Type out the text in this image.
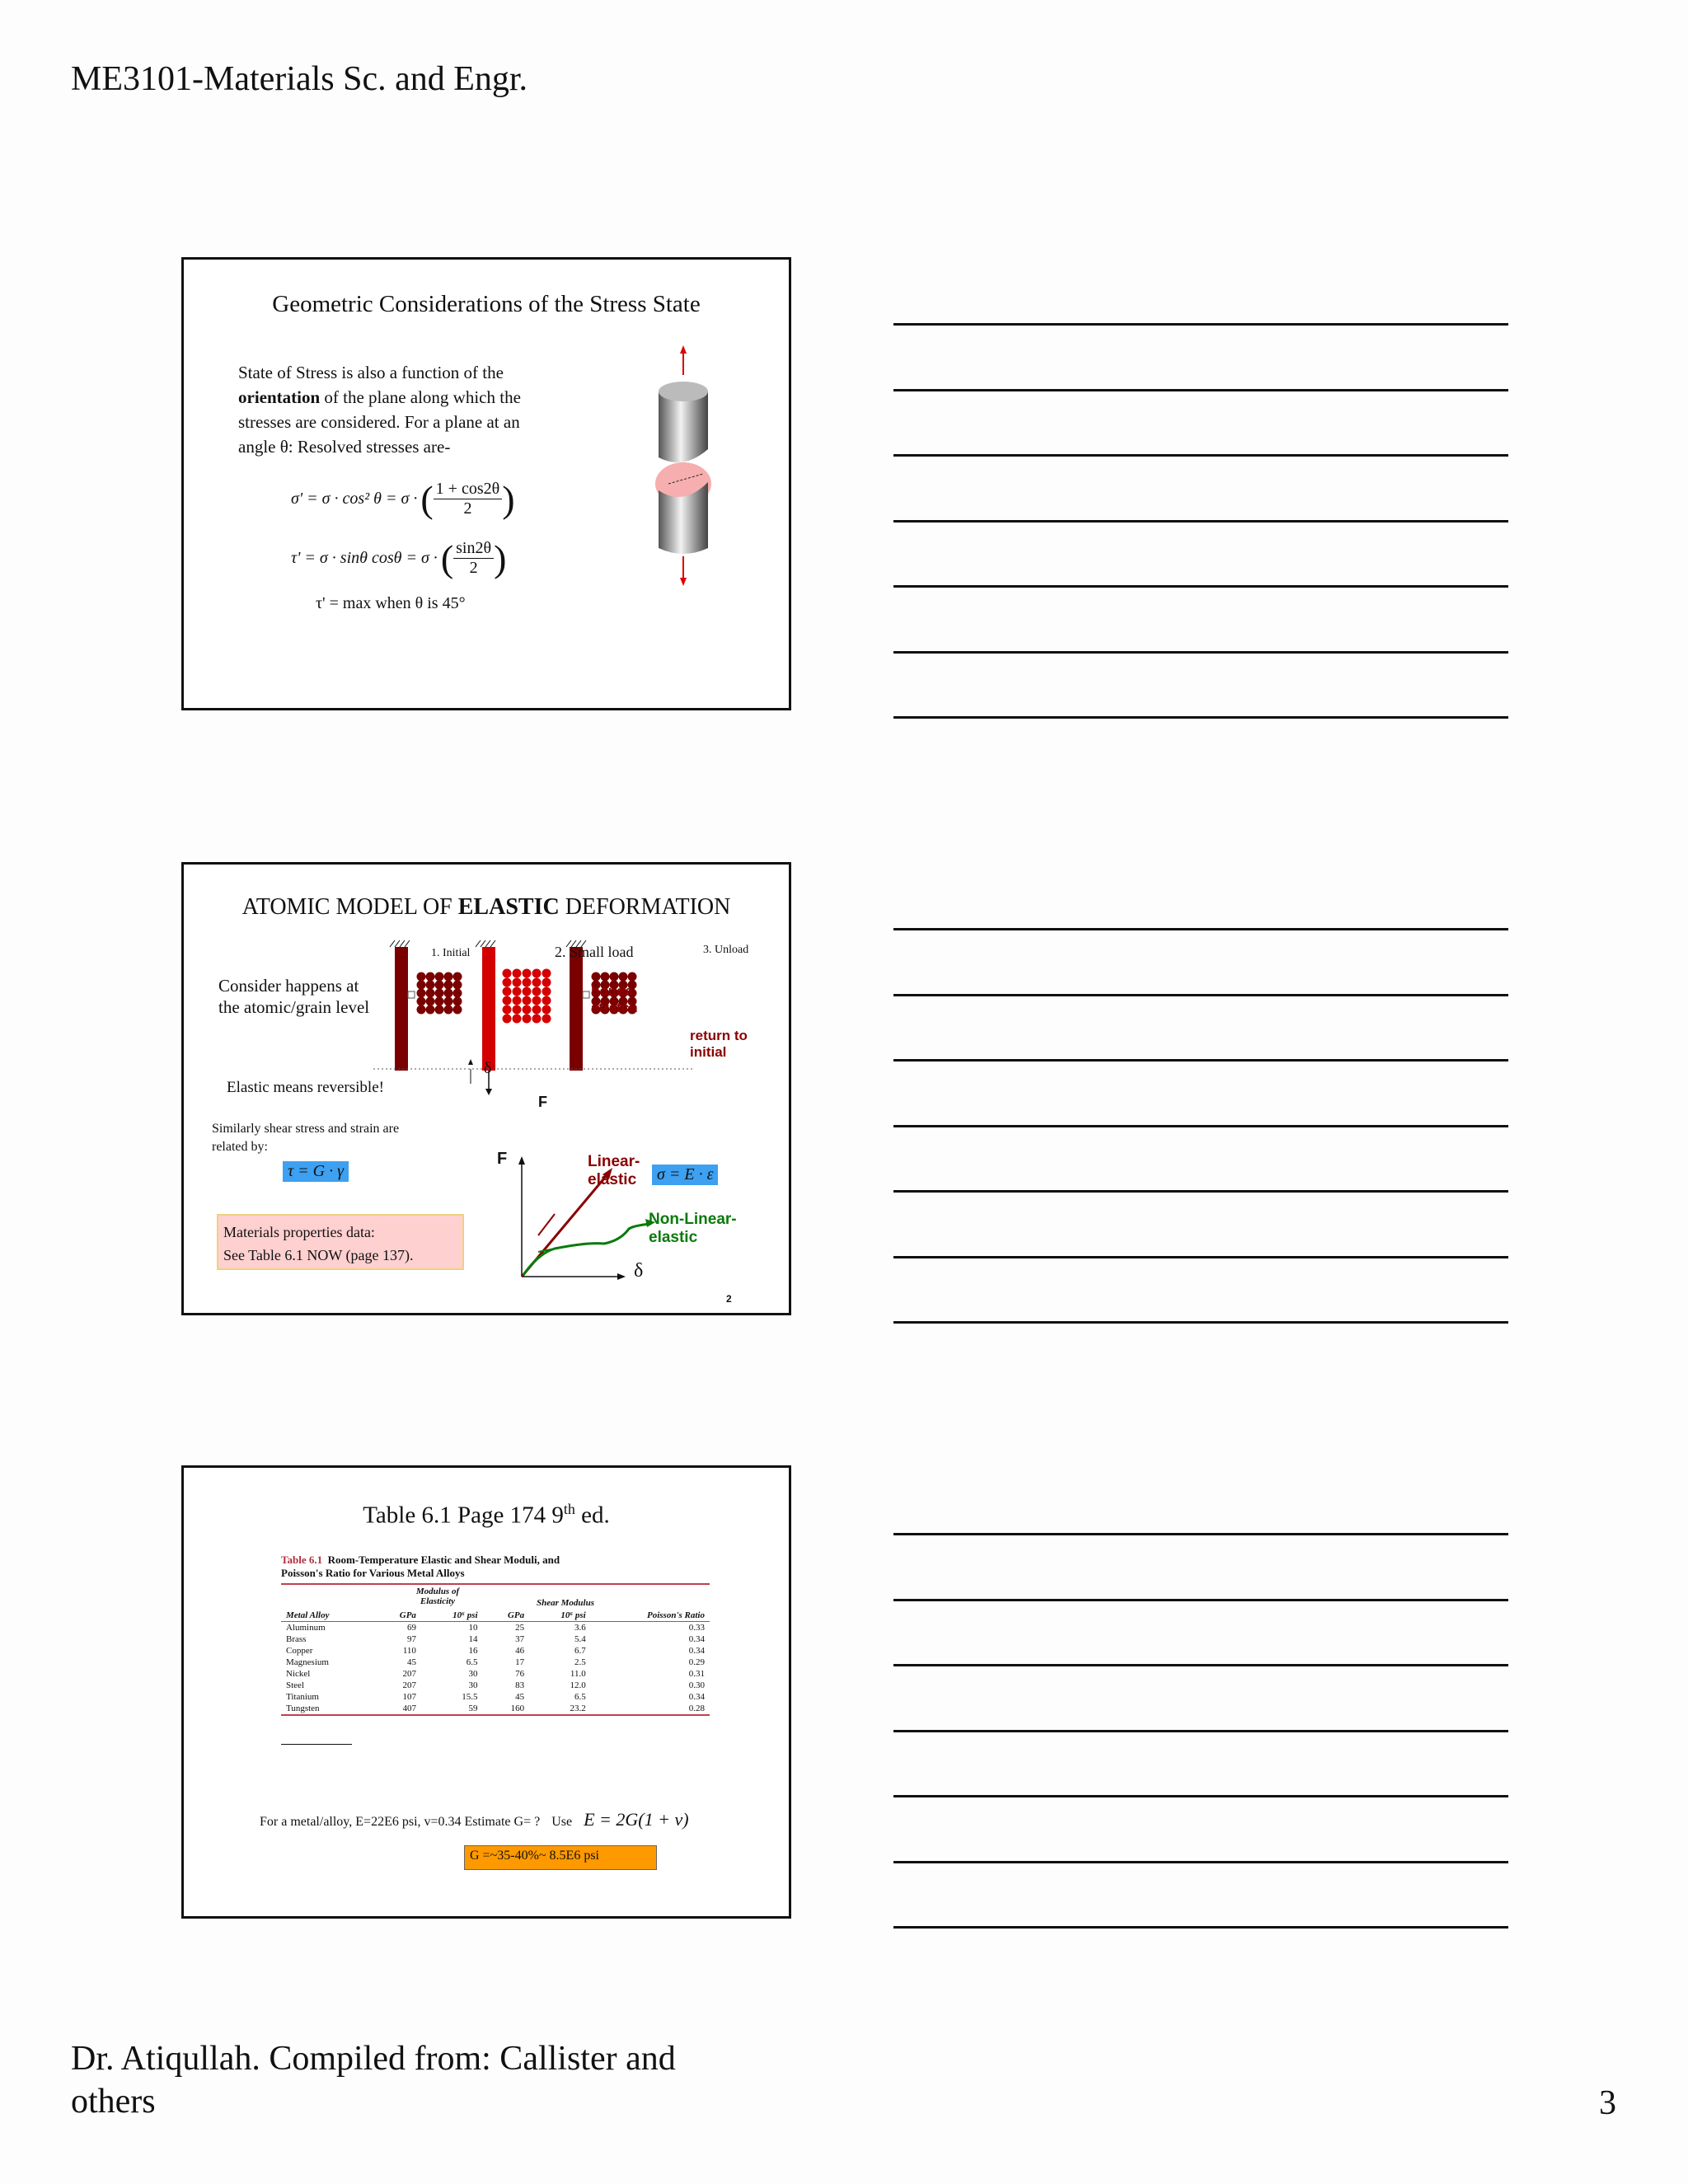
ME3101-Materials Sc. and Engr.
Geometric Considerations of the Stress State
State of Stress is also a function of the
orientation of the plane along which the
stresses are considered. For a plane at an
angle θ: Resolved stresses are-
σ' = σ · cos² θ = σ · ( $\frac{1 + \cos 2\theta}{2}$ )
τ' = σ · sinθ cosθ = σ · ( $\frac{\sin 2\theta}{2}$ )
τ' = max when θ is 45°
ATOMIC MODEL OF ELASTIC DEFORMATION
Consider happens at
the atomic/grain level
1. Initial	2. Small load	3. Unload
bonds
stretch
return to
initial
δ
F
Elastic means reversible!
Similarly shear stress and strain are
related by:
τ = G · γ
Materials properties data:
See Table 6.1 NOW (page 137).
F
δ
Linear-
elastic	σ = E · ε
Non-Linear-
elastic
2
Table 6.1 Page 174 9th ed.
Table 6.1 Room-Temperature Elastic and Shear Moduli, and
Poisson's Ratio for Various Metal Alloys
Modulus of Elasticity	Shear Modulus
Metal Alloy	GPa	10⁶ psi	GPa	10⁶ psi	Poisson's Ratio
Aluminum	69	10	25	3.6	0.33
Brass	97	14	37	5.4	0.34
Copper	110	16	46	6.7	0.34
Magnesium	45	6.5	17	2.5	0.29
Nickel	207	30	76	11.0	0.31
Steel	207	30	83	12.0	0.30
Titanium	107	15.5	45	6.5	0.34
Tungsten	407	59	160	23.2	0.28
For a metal/alloy, E=22E6 psi, v=0.34 Estimate G= ? Use E = 2G(1 + ν)
G =~35-40%~ 8.5E6 psi
Dr. Atiqullah. Compiled from: Callister and
others	3
